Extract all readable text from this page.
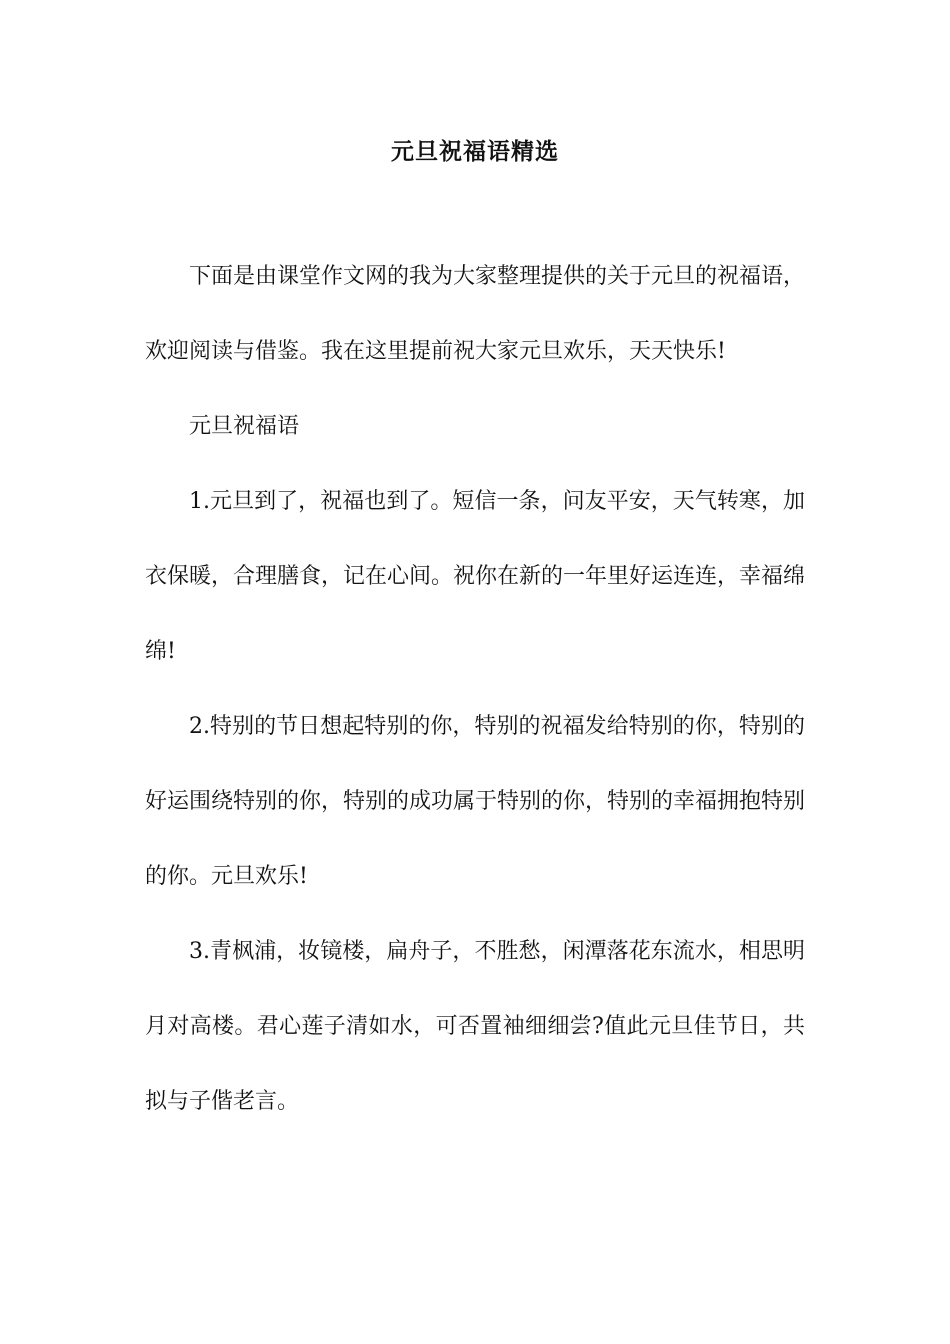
元旦祝福语精选

下面是由课堂作文网的我为大家整理提供的关于元旦的祝福语，欢迎阅读与借鉴。我在这里提前祝大家元旦欢乐，天天快乐!

元旦祝福语

1.元旦到了，祝福也到了。短信一条，问友平安，天气转寒，加衣保暖，合理膳食，记在心间。祝你在新的一年里好运连连，幸福绵绵!

2.特别的节日想起特别的你，特别的祝福发给特别的你，特别的好运围绕特别的你，特别的成功属于特别的你，特别的幸福拥抱特别的你。元旦欢乐!

3.青枫浦，妆镜楼，扁舟子，不胜愁，闲潭落花东流水，相思明月对高楼。君心莲子清如水，可否置袖细细尝?值此元旦佳节日，共拟与子偕老言。
